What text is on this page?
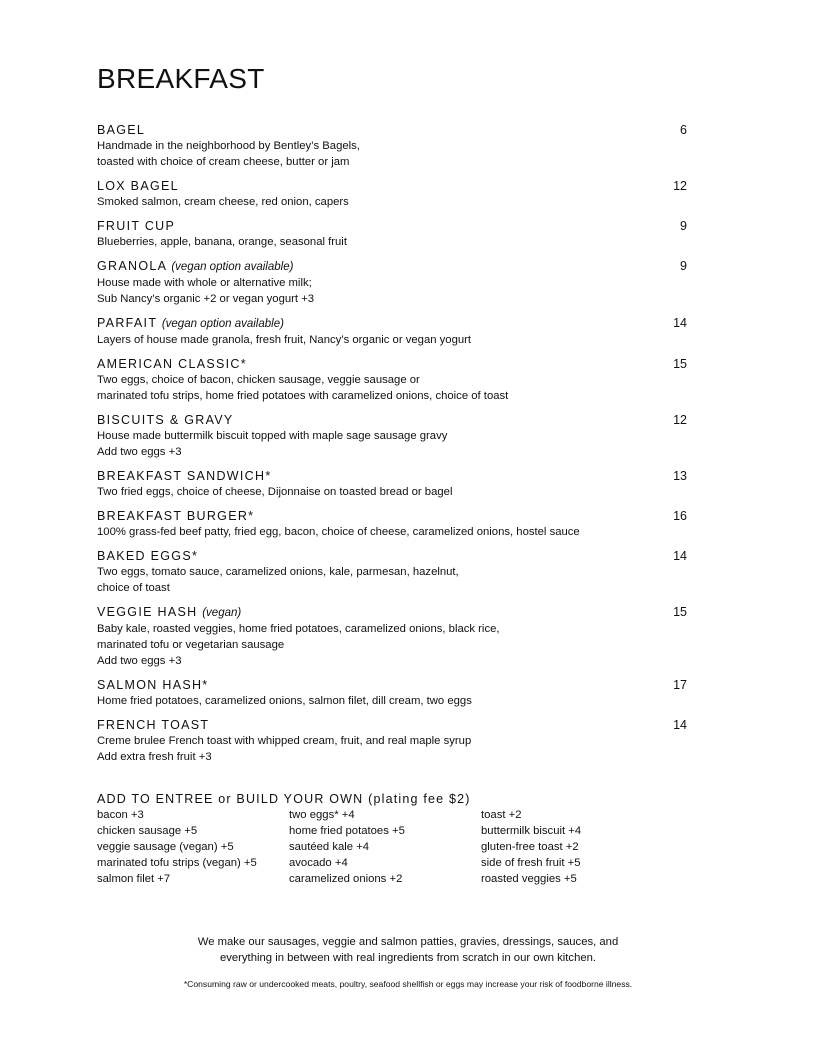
BREAKFAST
BAGEL	6
Handmade in the neighborhood by Bentley’s Bagels,
toasted with choice of cream cheese, butter or jam
LOX BAGEL	12
Smoked salmon, cream cheese, red onion, capers
FRUIT CUP	9
Blueberries, apple, banana, orange, seasonal fruit
GRANOLA (vegan option available)	9
House made with whole or alternative milk;
Sub Nancy’s organic +2 or vegan yogurt +3
PARFAIT (vegan option available)	14
Layers of house made granola, fresh fruit, Nancy’s organic or vegan yogurt
AMERICAN CLASSIC*	15
Two eggs, choice of bacon, chicken sausage, veggie sausage or
marinated tofu strips, home fried potatoes with caramelized onions, choice of toast
BISCUITS & GRAVY	12
House made buttermilk biscuit topped with maple sage sausage gravy
Add two eggs +3
BREAKFAST SANDWICH*	13
Two fried eggs, choice of cheese, Dijonnaise on toasted bread or bagel
BREAKFAST BURGER*	16
100% grass-fed beef patty, fried egg, bacon, choice of cheese, caramelized onions, hostel sauce
BAKED EGGS*	14
Two eggs, tomato sauce, caramelized onions, kale, parmesan, hazelnut,
choice of toast
VEGGIE HASH (vegan)	15
Baby kale, roasted veggies, home fried potatoes, caramelized onions, black rice,
marinated tofu or vegetarian sausage
Add two eggs +3
SALMON HASH*	17
Home fried potatoes, caramelized onions, salmon filet, dill cream, two eggs
FRENCH TOAST	14
Creme brulee French toast with whipped cream, fruit, and real maple syrup
Add extra fresh fruit +3
ADD TO ENTREE or BUILD YOUR OWN (plating fee $2)
bacon +3	two eggs* +4	toast +2
chicken sausage +5	home fried potatoes +5	buttermilk biscuit +4
veggie sausage (vegan) +5	sautéed kale +4	gluten-free toast +2
marinated tofu strips (vegan) +5	avocado +4	side of fresh fruit +5
salmon filet +7	caramelized onions +2	roasted veggies +5
We make our sausages, veggie and salmon patties, gravies, dressings, sauces, and
everything in between with real ingredients from scratch in our own kitchen.
*Consuming raw or undercooked meats, poultry, seafood shellfish or eggs may increase your risk of foodborne illness.
